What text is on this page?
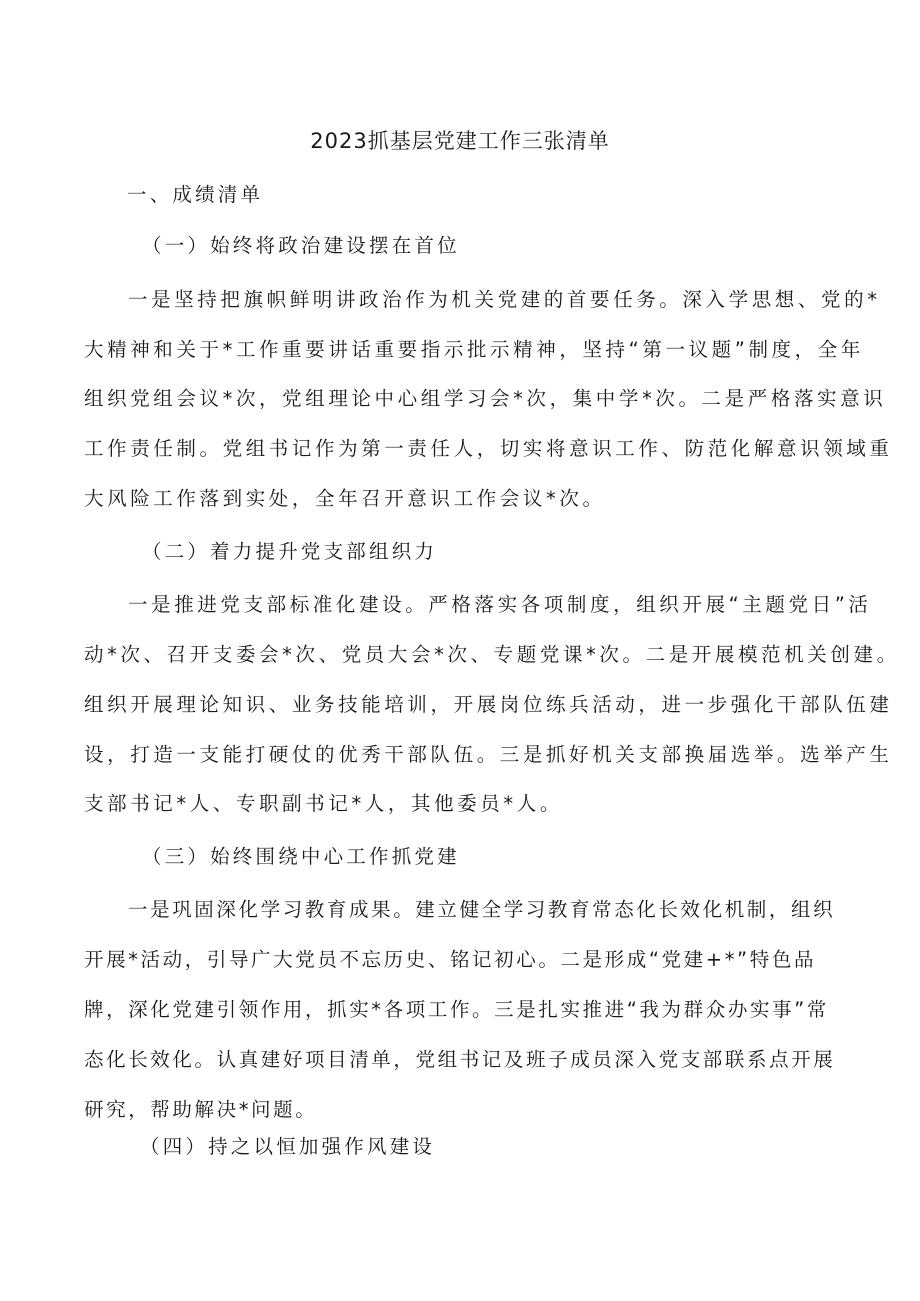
2023抓基层党建工作三张清单
一、成绩清单
（一）始终将政治建设摆在首位
一是坚持把旗帜鲜明讲政治作为机关党建的首要任务。深入学思想、党的*
大精神和关于*工作重要讲话重要指示批示精神，坚持“第一议题”制度，全年
组织党组会议*次，党组理论中心组学习会*次，集中学*次。二是严格落实意识
工作责任制。党组书记作为第一责任人，切实将意识工作、防范化解意识领域重
大风险工作落到实处，全年召开意识工作会议*次。
（二）着力提升党支部组织力
一是推进党支部标准化建设。严格落实各项制度，组织开展“主题党日”活
动*次、召开支委会*次、党员大会*次、专题党课*次。二是开展模范机关创建。
组织开展理论知识、业务技能培训，开展岗位练兵活动，进一步强化干部队伍建
设，打造一支能打硬仗的优秀干部队伍。三是抓好机关支部换届选举。选举产生
支部书记*人、专职副书记*人，其他委员*人。
（三）始终围绕中心工作抓党建
一是巩固深化学习教育成果。建立健全学习教育常态化长效化机制，组织
开展*活动，引导广大党员不忘历史、铭记初心。二是形成“党建+*”特色品
牌，深化党建引领作用，抓实*各项工作。三是扎实推进“我为群众办实事”常
态化长效化。认真建好项目清单，党组书记及班子成员深入党支部联系点开展
研究，帮助解决*问题。
（四）持之以恒加强作风建设
